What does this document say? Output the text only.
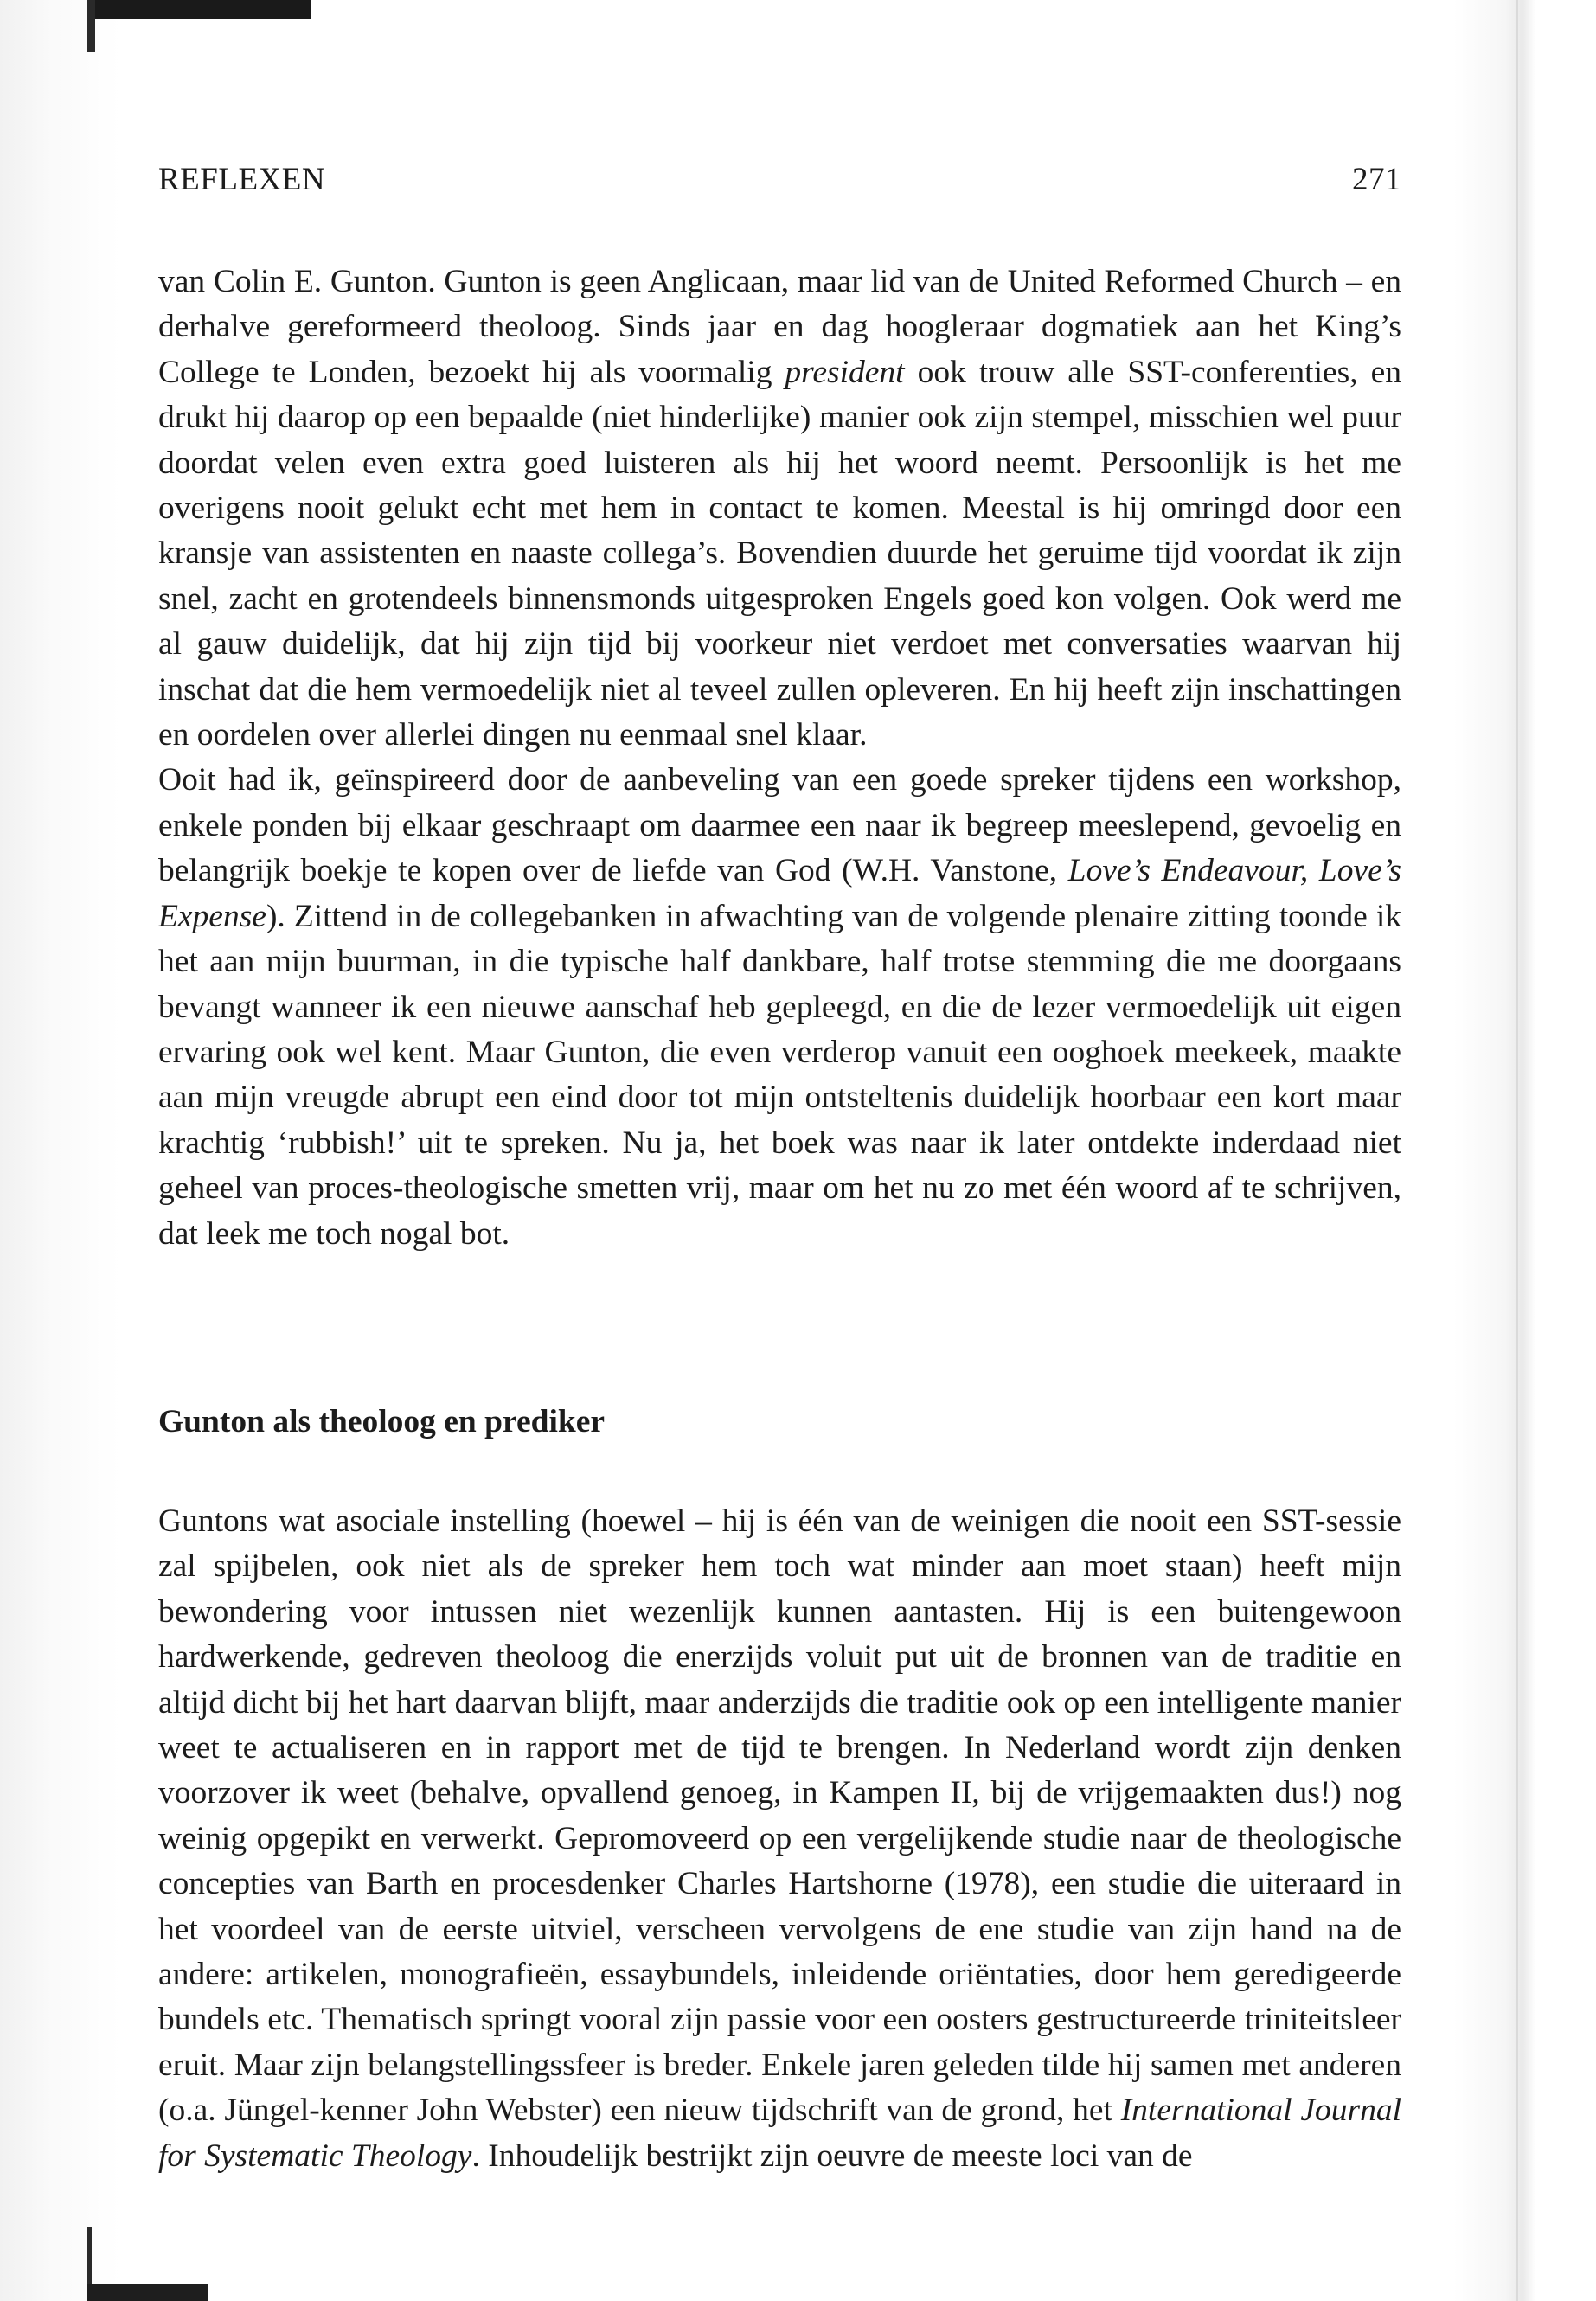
REFLEXEN	271

van Colin E. Gunton. Gunton is geen Anglicaan, maar lid van de United Reformed Church – en derhalve gereformeerd theoloog. Sinds jaar en dag hoogleraar dogmatiek aan het King’s College te Londen, bezoekt hij als voormalig president ook trouw alle SST-conferenties, en drukt hij daarop op een bepaalde (niet hinderlijke) manier ook zijn stempel, misschien wel puur doordat velen even extra goed luisteren als hij het woord neemt. Persoonlijk is het me overigens nooit gelukt echt met hem in contact te komen. Meestal is hij omringd door een kransje van assistenten en naaste collega’s. Bovendien duurde het geruime tijd voordat ik zijn snel, zacht en grotendeels binnensmonds uitgesproken Engels goed kon volgen. Ook werd me al gauw duidelijk, dat hij zijn tijd bij voorkeur niet verdoet met conversaties waarvan hij inschat dat die hem vermoedelijk niet al teveel zullen opleveren. En hij heeft zijn inschattingen en oordelen over allerlei dingen nu eenmaal snel klaar.

Ooit had ik, geïnspireerd door de aanbeveling van een goede spreker tijdens een workshop, enkele ponden bij elkaar geschraapt om daarmee een naar ik begreep meeslepend, gevoelig en belangrijk boekje te kopen over de liefde van God (W.H. Vanstone, Love’s Endeavour, Love’s Expense). Zittend in de collegebanken in afwachting van de volgende plenaire zitting toonde ik het aan mijn buurman, in die typische half dankbare, half trotse stemming die me doorgaans bevangt wanneer ik een nieuwe aanschaf heb gepleegd, en die de lezer vermoedelijk uit eigen ervaring ook wel kent. Maar Gunton, die even verderop vanuit een ooghoek meekeek, maakte aan mijn vreugde abrupt een eind door tot mijn ontsteltenis duidelijk hoorbaar een kort maar krachtig ‘rubbish!’ uit te spreken. Nu ja, het boek was naar ik later ontdekte inderdaad niet geheel van proces-theologische smetten vrij, maar om het nu zo met één woord af te schrijven, dat leek me toch nogal bot.

Gunton als theoloog en prediker

Guntons wat asociale instelling (hoewel – hij is één van de weinigen die nooit een SST-sessie zal spijbelen, ook niet als de spreker hem toch wat minder aan moet staan) heeft mijn bewondering voor intussen niet wezenlijk kunnen aantasten. Hij is een buitengewoon hardwerkende, gedreven theoloog die enerzijds voluit put uit de bronnen van de traditie en altijd dicht bij het hart daarvan blijft, maar anderzijds die traditie ook op een intelligente manier weet te actualiseren en in rapport met de tijd te brengen. In Nederland wordt zijn denken voorzover ik weet (behalve, opvallend genoeg, in Kampen II, bij de vrijgemaakten dus!) nog weinig opgepikt en verwerkt. Gepromoveerd op een vergelijkende studie naar de theologische concepties van Barth en procesdenker Charles Hartshorne (1978), een studie die uiteraard in het voordeel van de eerste uitviel, verscheen vervolgens de ene studie van zijn hand na de andere: artikelen, monografieën, essaybundels, inleidende oriëntaties, door hem geredigeerde bundels etc. Thematisch springt vooral zijn passie voor een oosters gestructureerde triniteitsleer eruit. Maar zijn belangstellingssfeer is breder. Enkele jaren geleden tilde hij samen met anderen (o.a. Jüngel-kenner John Webster) een nieuw tijdschrift van de grond, het International Journal for Systematic Theology. Inhoudelijk bestrijkt zijn oeuvre de meeste loci van de
